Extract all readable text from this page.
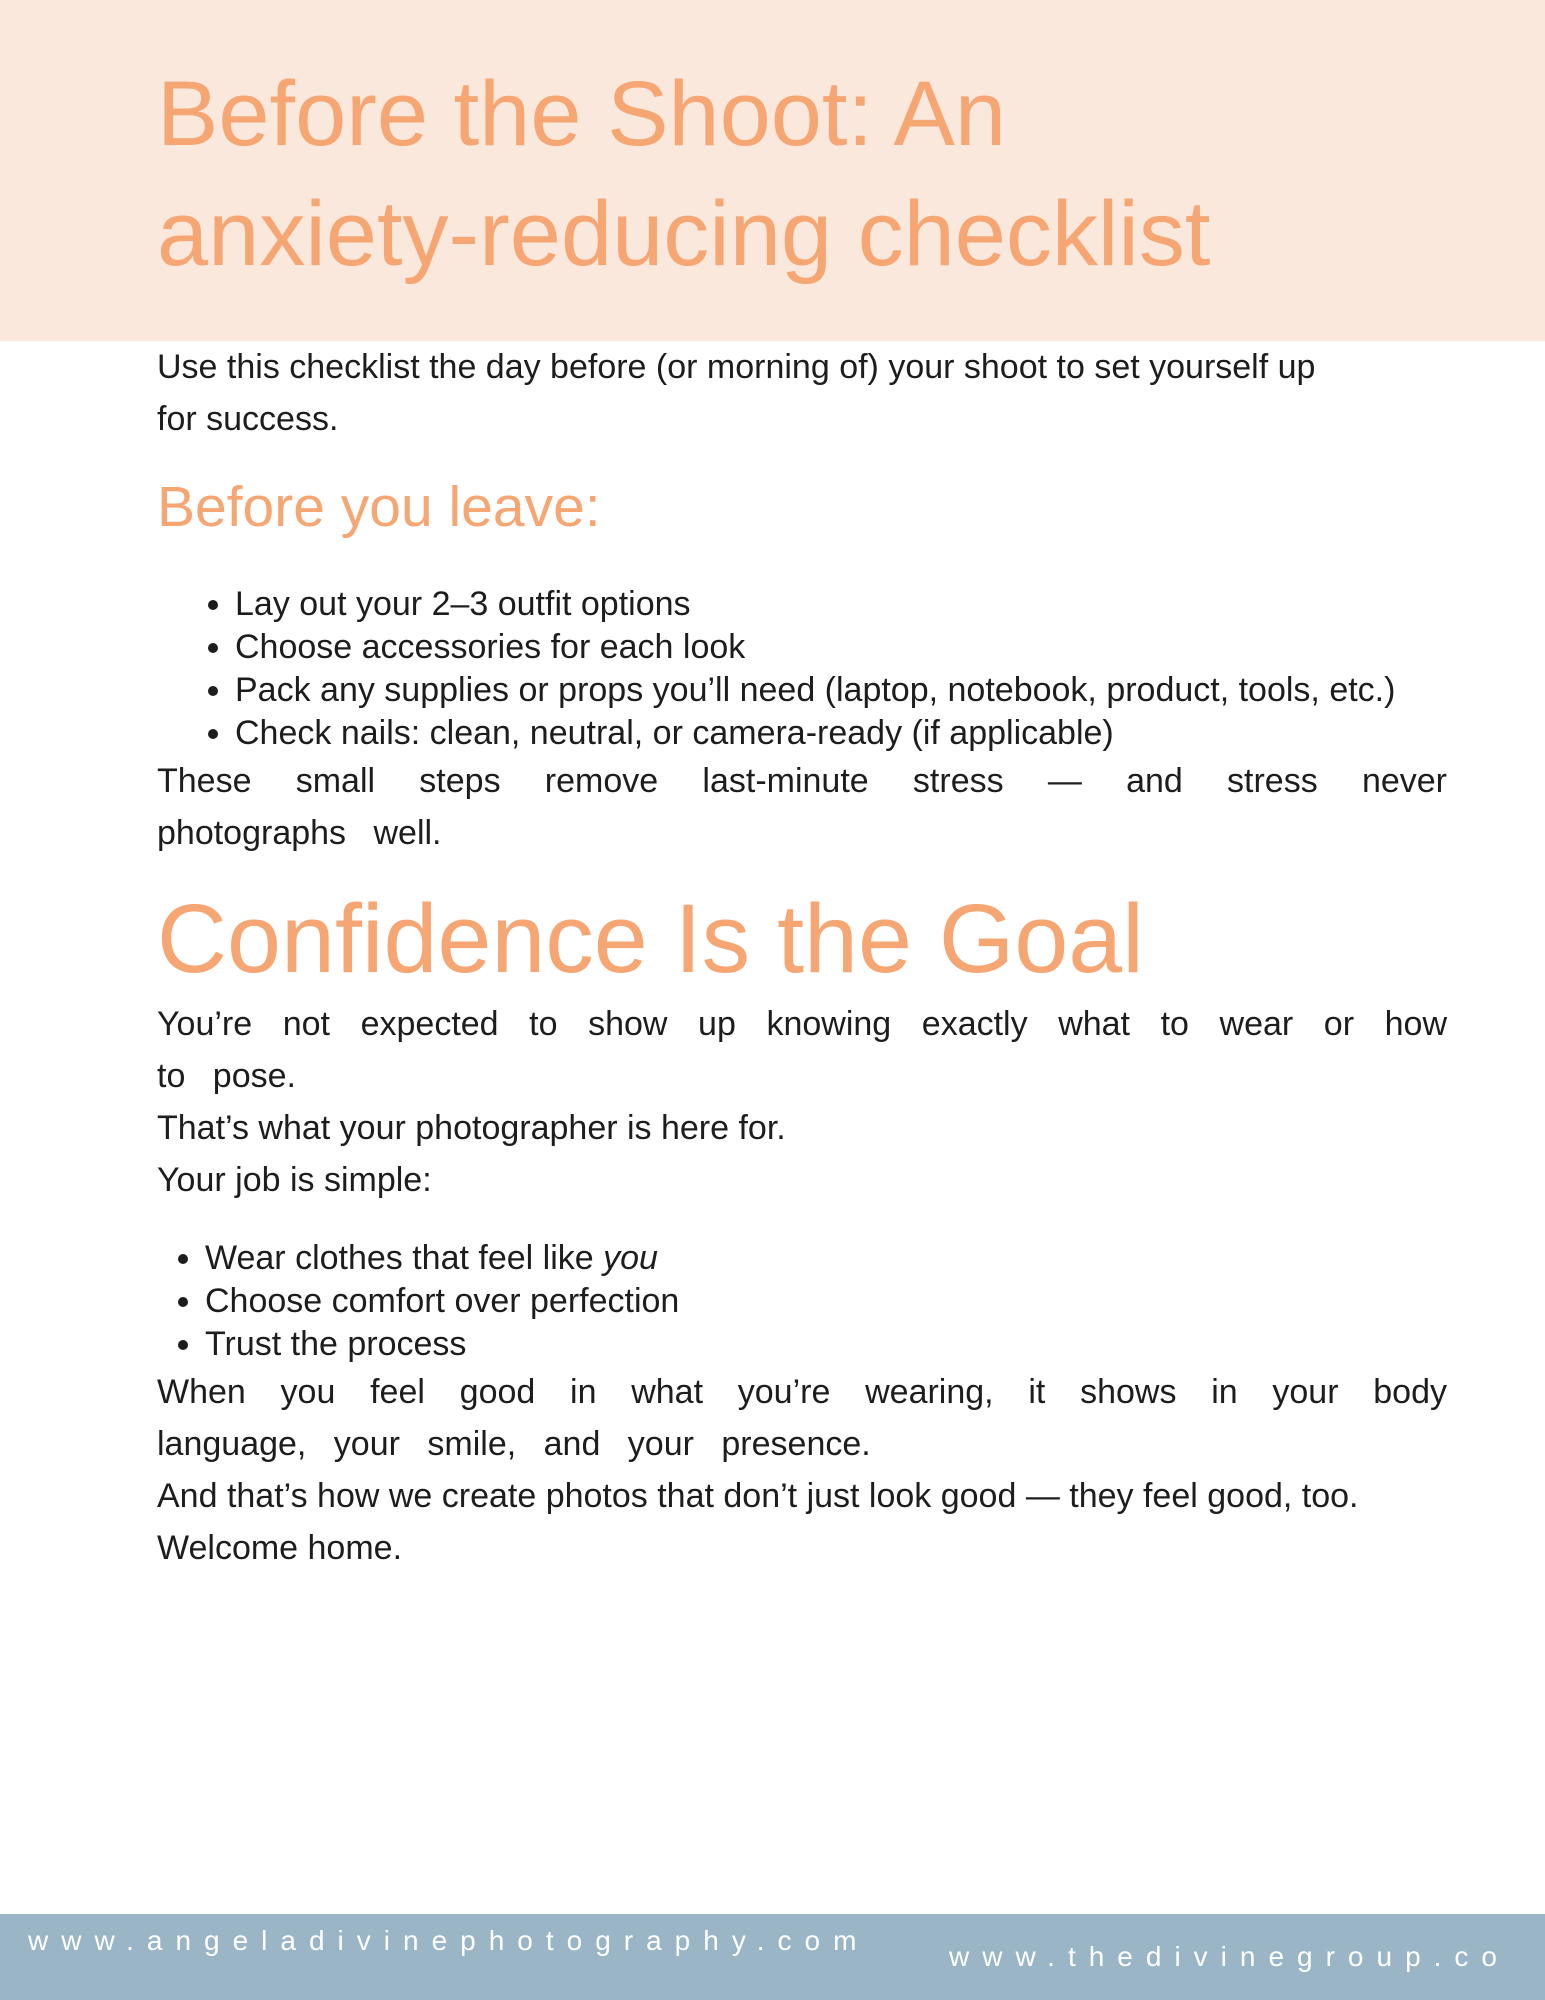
Before the Shoot: An
anxiety-reducing checklist

Use this checklist the day before (or morning of) your shoot to set yourself up for success.

Before you leave:
• Lay out your 2–3 outfit options
• Choose accessories for each look
• Pack any supplies or props you’ll need (laptop, notebook, product, tools, etc.)
• Check nails: clean, neutral, or camera-ready (if applicable)

These small steps remove last-minute stress — and stress never photographs well.

Confidence Is the Goal

You’re not expected to show up knowing exactly what to wear or how to pose.

That’s what your photographer is here for.

Your job is simple:

• Wear clothes that feel like you
• Choose comfort over perfection
• Trust the process

When you feel good in what you’re wearing, it shows in your body language, your smile, and your presence.

And that’s how we create photos that don’t just look good — they feel good, too.

Welcome home.

www.angeladivinephotography.com
www.thedivinegroup.co
